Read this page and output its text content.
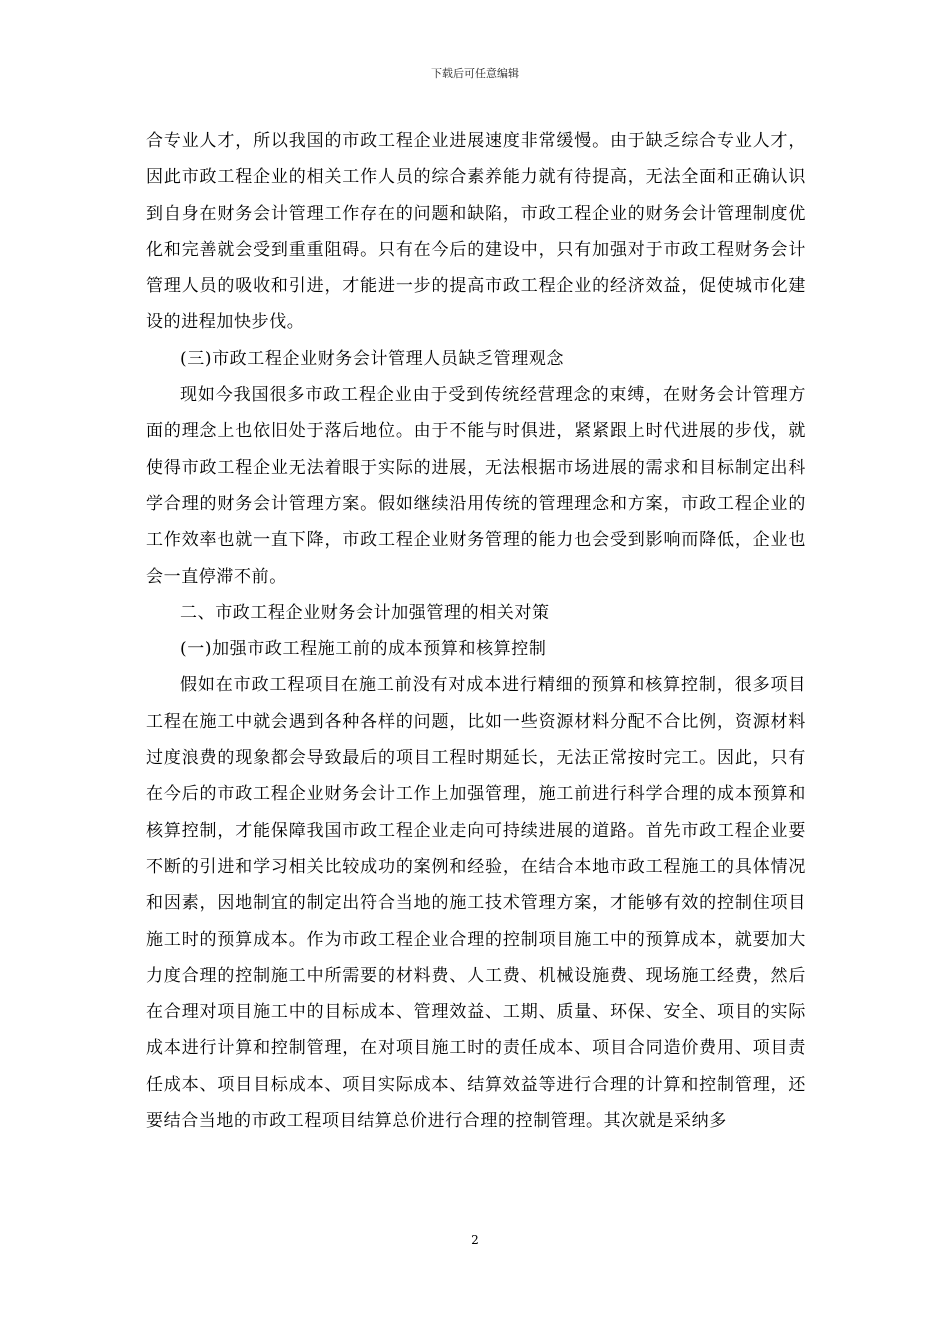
下载后可任意编辑

合专业人才，所以我国的市政工程企业进展速度非常缓慢。由于缺乏综合专业人才，因此市政工程企业的相关工作人员的综合素养能力就有待提高，无法全面和正确认识到自身在财务会计管理工作存在的问题和缺陷，市政工程企业的财务会计管理制度优化和完善就会受到重重阻碍。只有在今后的建设中，只有加强对于市政工程财务会计管理人员的吸收和引进，才能进一步的提高市政工程企业的经济效益，促使城市化建设的进程加快步伐。

(三)市政工程企业财务会计管理人员缺乏管理观念

现如今我国很多市政工程企业由于受到传统经营理念的束缚，在财务会计管理方面的理念上也依旧处于落后地位。由于不能与时俱进，紧紧跟上时代进展的步伐，就使得市政工程企业无法着眼于实际的进展，无法根据市场进展的需求和目标制定出科学合理的财务会计管理方案。假如继续沿用传统的管理理念和方案，市政工程企业的工作效率也就一直下降，市政工程企业财务管理的能力也会受到影响而降低，企业也会一直停滞不前。

二、市政工程企业财务会计加强管理的相关对策

(一)加强市政工程施工前的成本预算和核算控制

假如在市政工程项目在施工前没有对成本进行精细的预算和核算控制，很多项目工程在施工中就会遇到各种各样的问题，比如一些资源材料分配不合比例，资源材料过度浪费的现象都会导致最后的项目工程时期延长，无法正常按时完工。因此，只有在今后的市政工程企业财务会计工作上加强管理，施工前进行科学合理的成本预算和核算控制，才能保障我国市政工程企业走向可持续进展的道路。首先市政工程企业要不断的引进和学习相关比较成功的案例和经验，在结合本地市政工程施工的具体情况和因素，因地制宜的制定出符合当地的施工技术管理方案，才能够有效的控制住项目施工时的预算成本。作为市政工程企业合理的控制项目施工中的预算成本，就要加大力度合理的控制施工中所需要的材料费、人工费、机械设施费、现场施工经费，然后在合理对项目施工中的目标成本、管理效益、工期、质量、环保、安全、项目的实际成本进行计算和控制管理，在对项目施工时的责任成本、项目合同造价费用、项目责任成本、项目目标成本、项目实际成本、结算效益等进行合理的计算和控制管理，还要结合当地的市政工程项目结算总价进行合理的控制管理。其次就是采纳多

2
